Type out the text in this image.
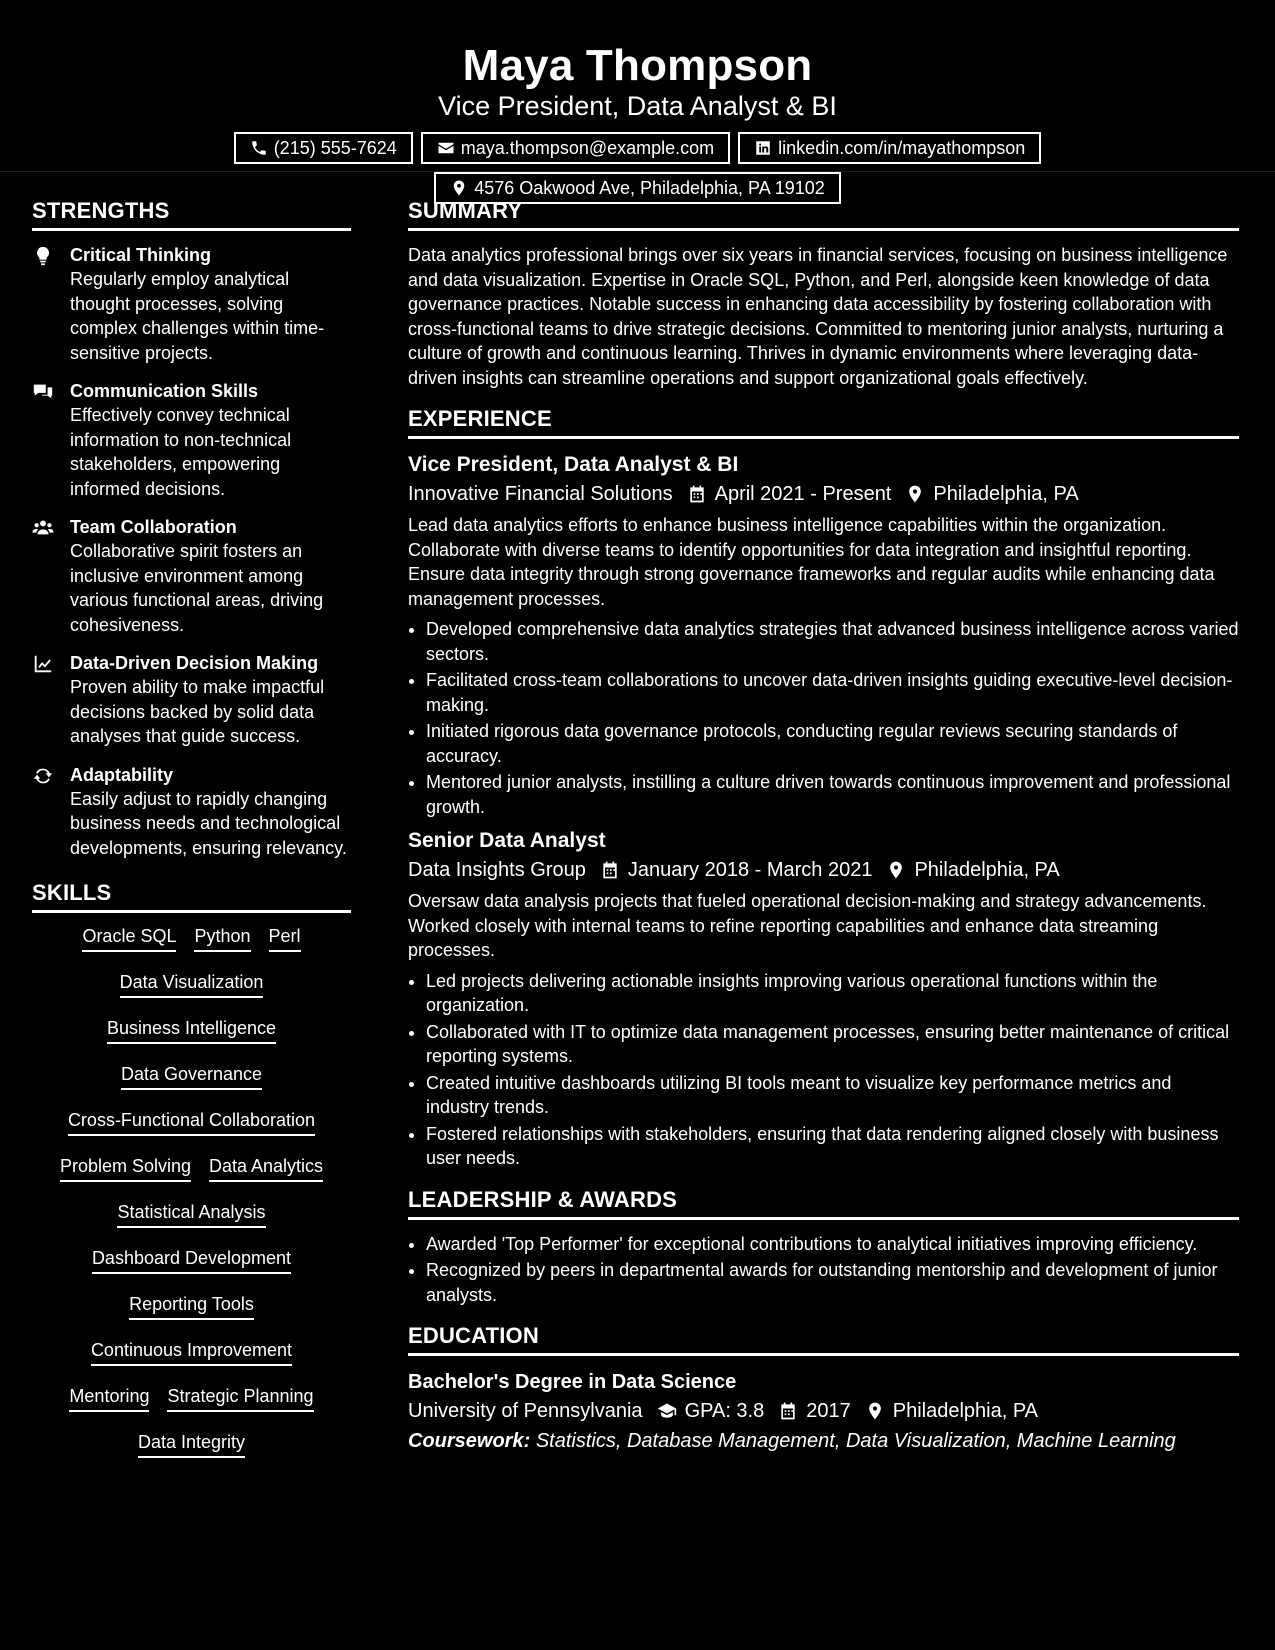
Maya Thompson
Vice President, Data Analyst & BI
(215) 555-7624	maya.thompson@example.com	linkedin.com/in/mayathompson
4576 Oakwood Ave, Philadelphia, PA 19102
STRENGTHS
Critical Thinking
Regularly employ analytical thought processes, solving complex challenges within time-sensitive projects.
Communication Skills
Effectively convey technical information to non-technical stakeholders, empowering informed decisions.
Team Collaboration
Collaborative spirit fosters an inclusive environment among various functional areas, driving cohesiveness.
Data-Driven Decision Making
Proven ability to make impactful decisions backed by solid data analyses that guide success.
Adaptability
Easily adjust to rapidly changing business needs and technological developments, ensuring relevancy.
SKILLS
Oracle SQL Python Perl
Data Visualization
Business Intelligence
Data Governance
Cross-Functional Collaboration
Problem Solving Data Analytics
Statistical Analysis
Dashboard Development
Reporting Tools
Continuous Improvement
Mentoring Strategic Planning
Data Integrity
SUMMARY
Data analytics professional brings over six years in financial services, focusing on business intelligence and data visualization. Expertise in Oracle SQL, Python, and Perl, alongside keen knowledge of data governance practices. Notable success in enhancing data accessibility by fostering collaboration with cross-functional teams to drive strategic decisions. Committed to mentoring junior analysts, nurturing a culture of growth and continuous learning. Thrives in dynamic environments where leveraging data-driven insights can streamline operations and support organizational goals effectively.
EXPERIENCE
Vice President, Data Analyst & BI
Innovative Financial Solutions April 2021 - Present Philadelphia, PA
Lead data analytics efforts to enhance business intelligence capabilities within the organization. Collaborate with diverse teams to identify opportunities for data integration and insightful reporting. Ensure data integrity through strong governance frameworks and regular audits while enhancing data management processes.
• Developed comprehensive data analytics strategies that advanced business intelligence across varied sectors.
• Facilitated cross-team collaborations to uncover data-driven insights guiding executive-level decision-making.
• Initiated rigorous data governance protocols, conducting regular reviews securing standards of accuracy.
• Mentored junior analysts, instilling a culture driven towards continuous improvement and professional growth.
Senior Data Analyst
Data Insights Group January 2018 - March 2021 Philadelphia, PA
Oversaw data analysis projects that fueled operational decision-making and strategy advancements. Worked closely with internal teams to refine reporting capabilities and enhance data streaming processes.
• Led projects delivering actionable insights improving various operational functions within the organization.
• Collaborated with IT to optimize data management processes, ensuring better maintenance of critical reporting systems.
• Created intuitive dashboards utilizing BI tools meant to visualize key performance metrics and industry trends.
• Fostered relationships with stakeholders, ensuring that data rendering aligned closely with business user needs.
LEADERSHIP & AWARDS
• Awarded 'Top Performer' for exceptional contributions to analytical initiatives improving efficiency.
• Recognized by peers in departmental awards for outstanding mentorship and development of junior analysts.
EDUCATION
Bachelor's Degree in Data Science
University of Pennsylvania GPA: 3.8 2017 Philadelphia, PA
Coursework: Statistics, Database Management, Data Visualization, Machine Learning
